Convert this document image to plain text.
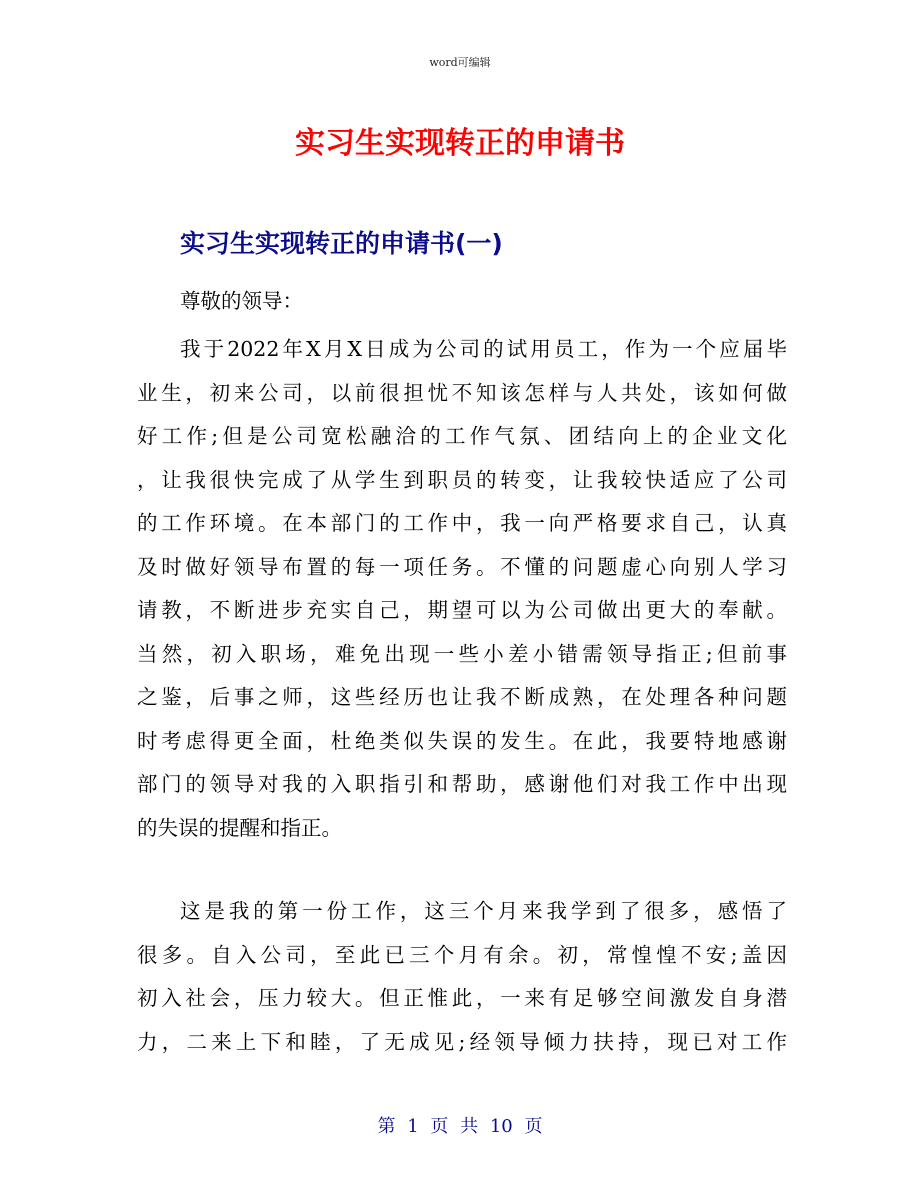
word可编辑
实习生实现转正的申请书
实习生实现转正的申请书(一)
尊敬的领导：
我于2022年X月X日成为公司的试用员工，作为一个应届毕
业生，初来公司，以前很担忧不知该怎样与人共处，该如何做
好工作;但是公司宽松融洽的工作气氛、团结向上的企业文化
，让我很快完成了从学生到职员的转变，让我较快适应了公司
的工作环境。在本部门的工作中，我一向严格要求自己，认真
及时做好领导布置的每一项任务。不懂的问题虚心向别人学习
请教，不断进步充实自己，期望可以为公司做出更大的奉献。
当然，初入职场，难免出现一些小差小错需领导指正;但前事
之鉴，后事之师，这些经历也让我不断成熟，在处理各种问题
时考虑得更全面，杜绝类似失误的发生。在此，我要特地感谢
部门的领导对我的入职指引和帮助，感谢他们对我工作中出现
的失误的提醒和指正。
这是我的第一份工作，这三个月来我学到了很多，感悟了
很多。自入公司，至此已三个月有余。初，常惶惶不安;盖因
初入社会，压力较大。但正惟此，一来有足够空间激发自身潜
力，二来上下和睦，了无成见;经领导倾力扶持，现已对工作
第 1 页 共 10 页
